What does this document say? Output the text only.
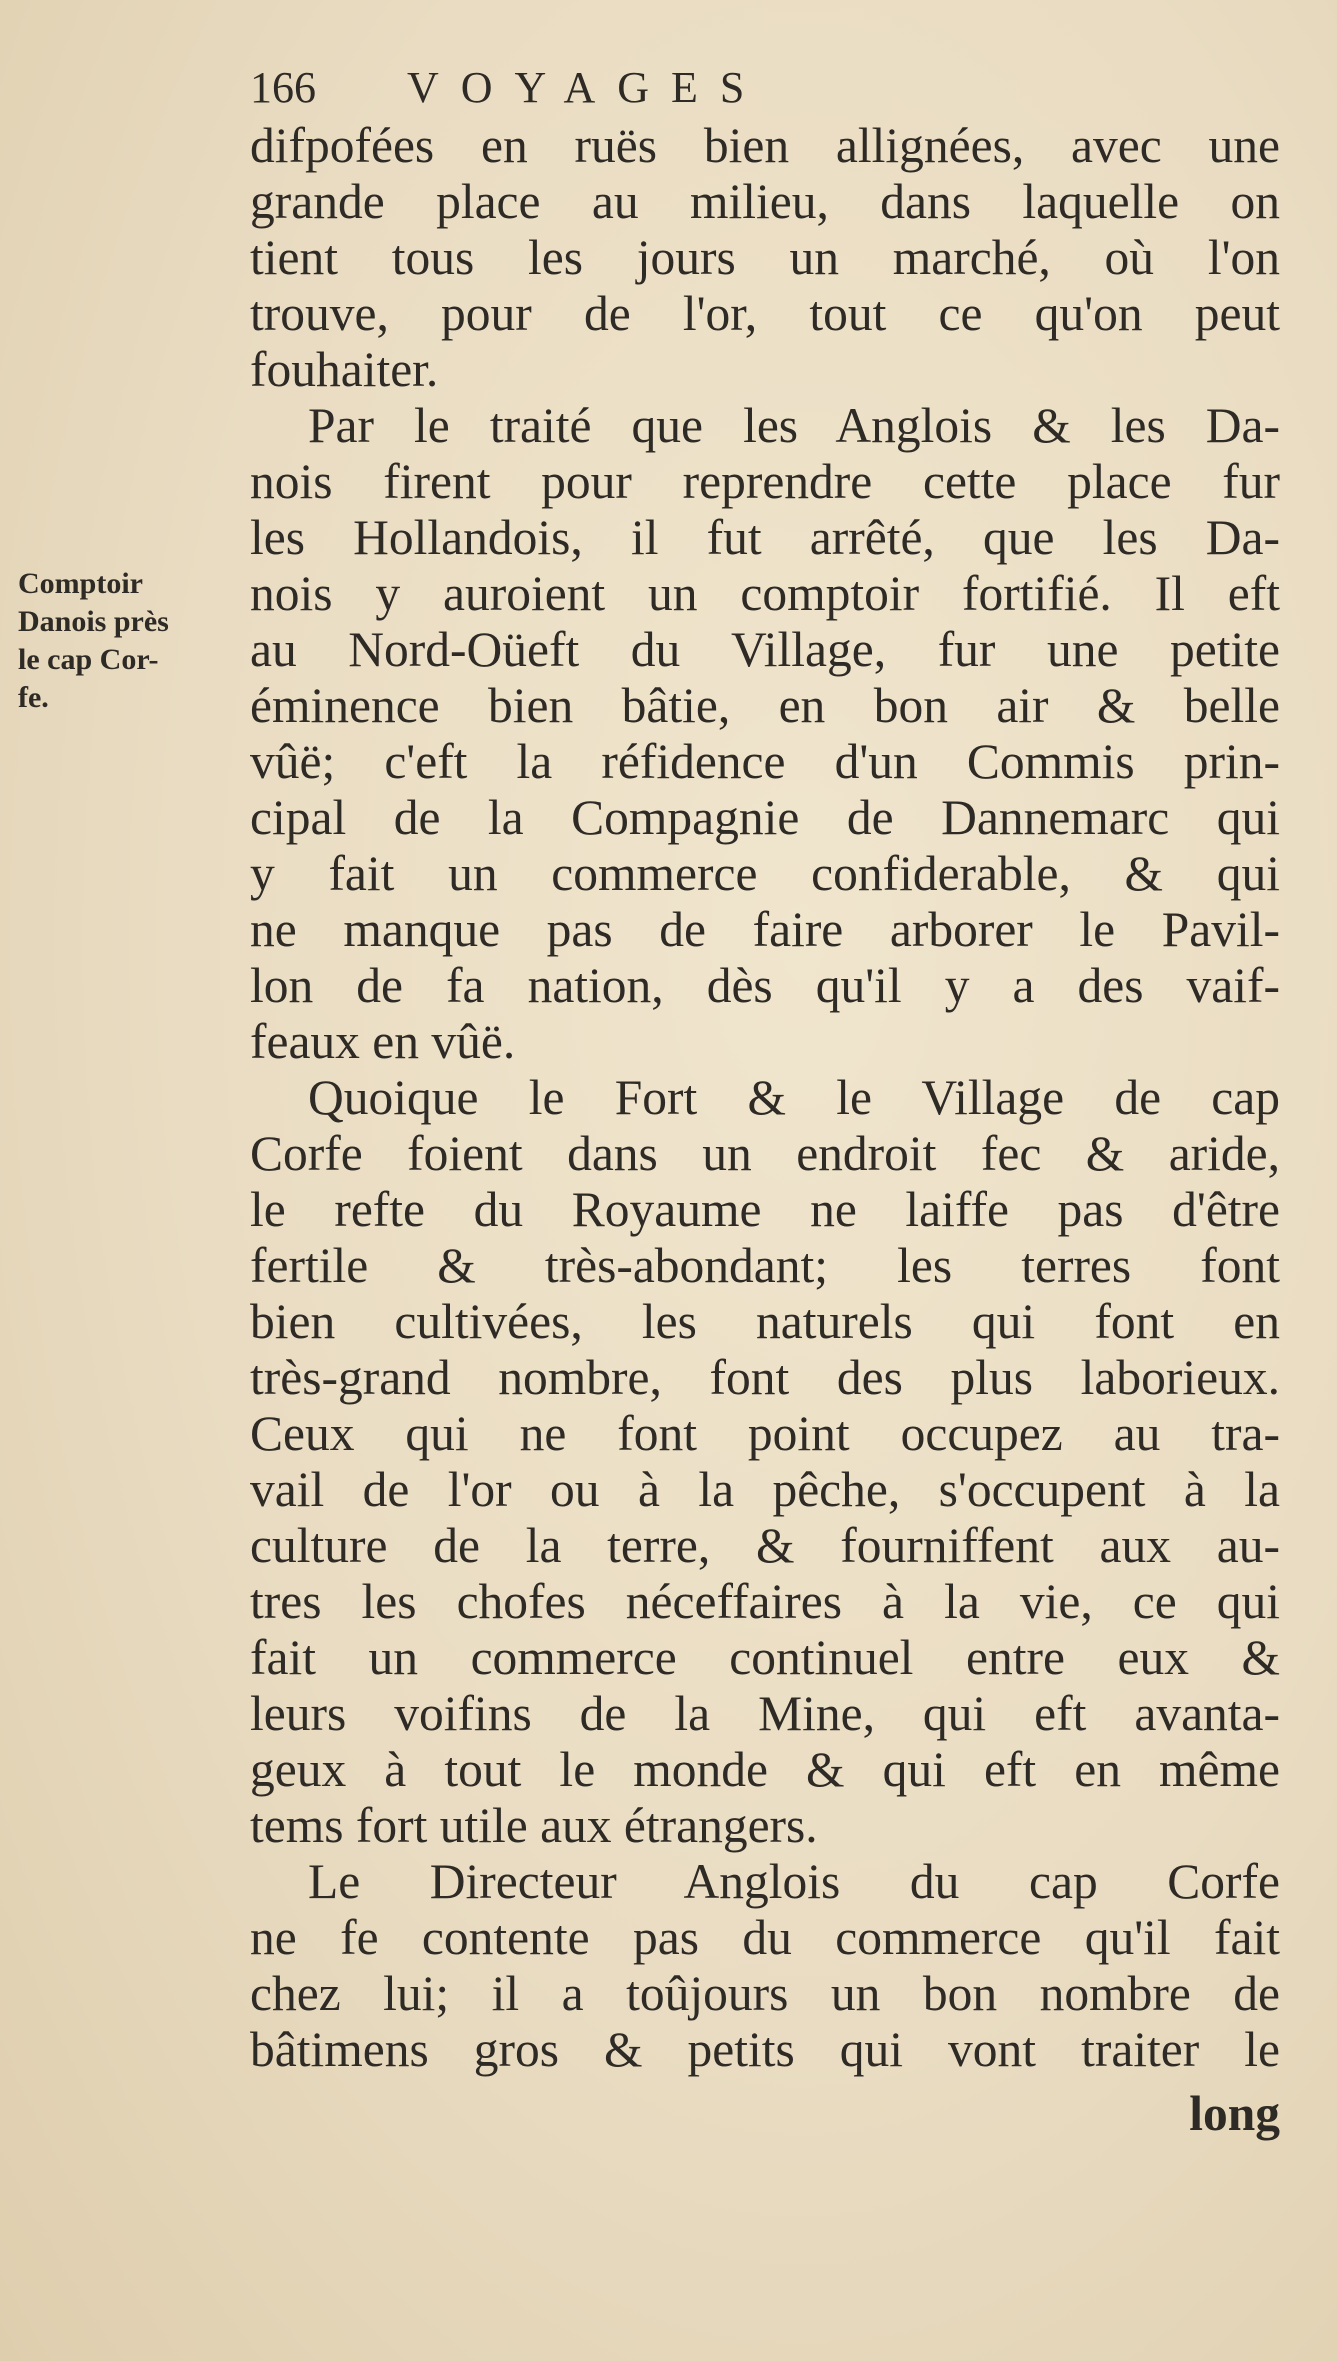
166 VOYAGES
Comptoir
Danois près
le cap Cor-
fe.
difpofées en ruës bien allignées, avec une
grande place au milieu, dans laquelle on
tient tous les jours un marché, où l'on
trouve, pour de l'or, tout ce qu'on peut
fouhaiter.
Par le traité que les Anglois & les Da-
nois firent pour reprendre cette place fur
les Hollandois, il fut arrêté, que les Da-
nois y auroient un comptoir fortifié. Il eft
au Nord-Oüeft du Village, fur une petite
éminence bien bâtie, en bon air & belle
vûë; c'eft la réfidence d'un Commis prin-
cipal de la Compagnie de Dannemarc qui
y fait un commerce confiderable, & qui
ne manque pas de faire arborer le Pavil-
lon de fa nation, dès qu'il y a des vaif-
feaux en vûë.
Quoique le Fort & le Village de cap
Corfe foient dans un endroit fec & aride,
le refte du Royaume ne laiffe pas d'être
fertile & très-abondant; les terres font
bien cultivées, les naturels qui font en
très-grand nombre, font des plus laborieux.
Ceux qui ne font point occupez au tra-
vail de l'or ou à la pêche, s'occupent à la
culture de la terre, & fourniffent aux au-
tres les chofes néceffaires à la vie, ce qui
fait un commerce continuel entre eux &
leurs voifins de la Mine, qui eft avanta-
geux à tout le monde & qui eft en même
tems fort utile aux étrangers.
Le Directeur Anglois du cap Corfe
ne fe contente pas du commerce qu'il fait
chez lui; il a toûjours un bon nombre de
bâtimens gros & petits qui vont traiter le
long
